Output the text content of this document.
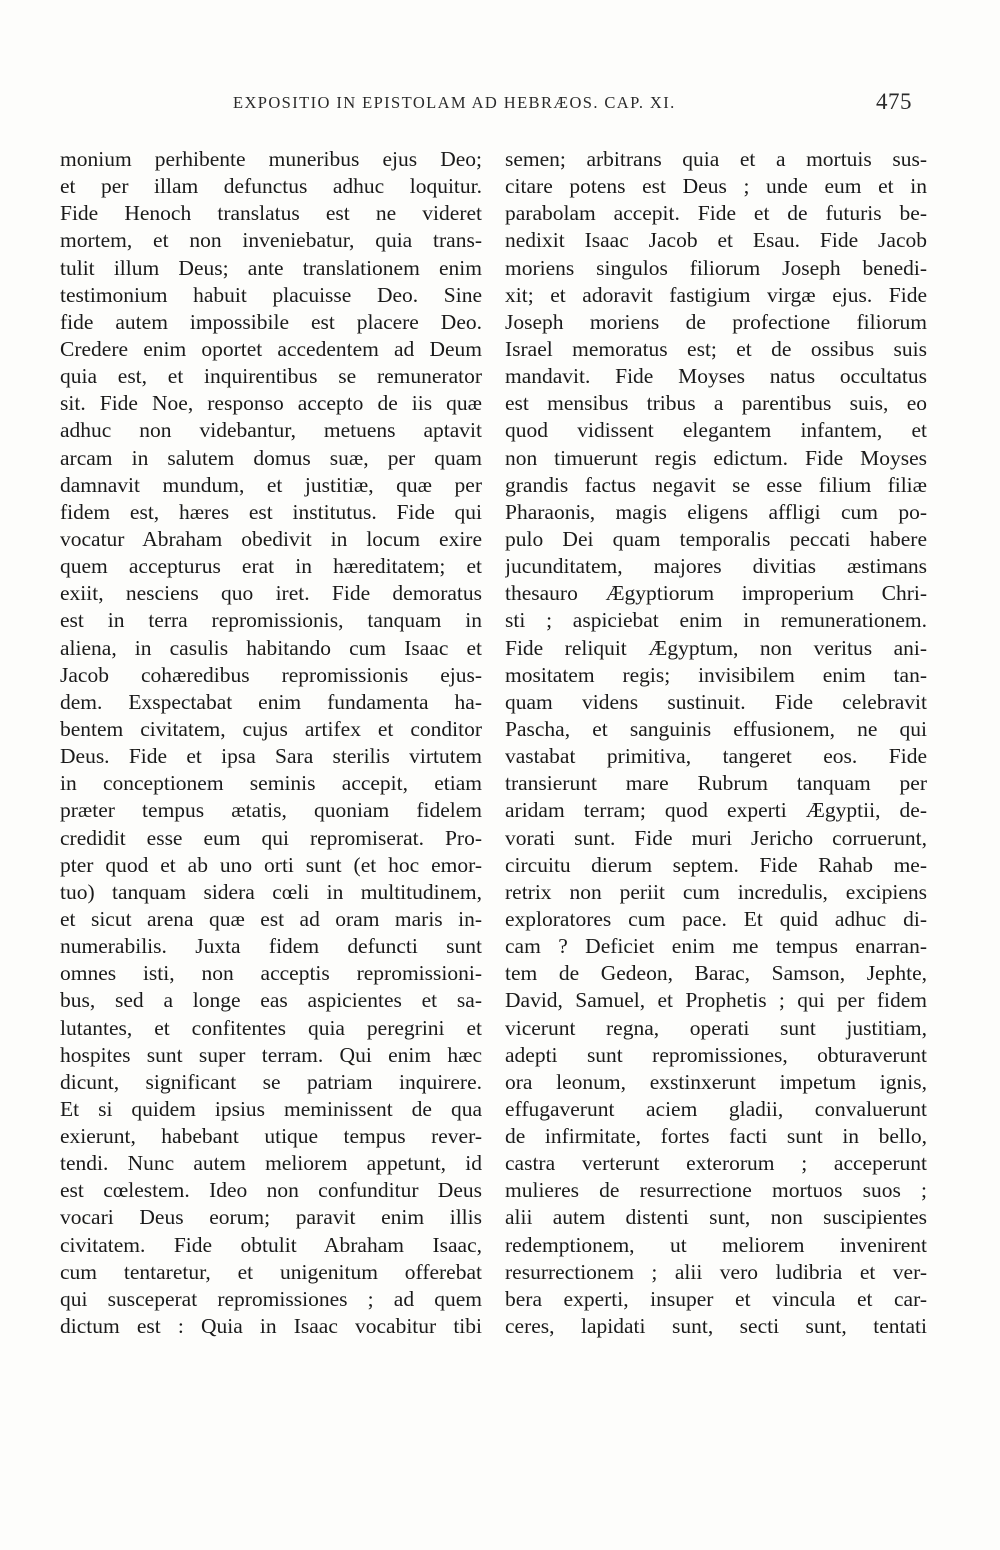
EXPOSITIO IN EPISTOLAM AD HEBRÆOS. CAP. XI.	475
monium perhibente muneribus ejus Deo;
et per illam defunctus adhuc loquitur.
Fide Henoch translatus est ne videret
mortem, et non inveniebatur, quia trans-
tulit illum Deus; ante translationem enim
testimonium habuit placuisse Deo. Sine
fide autem impossibile est placere Deo.
Credere enim oportet accedentem ad Deum
quia est, et inquirentibus se remunerator
sit. Fide Noe, responso accepto de iis quæ
adhuc non videbantur, metuens aptavit
arcam in salutem domus suæ, per quam
damnavit mundum, et justitiæ, quæ per
fidem est, hæres est institutus. Fide qui
vocatur Abraham obedivit in locum exire
quem accepturus erat in hæreditatem; et
exiit, nesciens quo iret. Fide demoratus
est in terra repromissionis, tanquam in
aliena, in casulis habitando cum Isaac et
Jacob cohæredibus repromissionis ejus-
dem. Exspectabat enim fundamenta ha-
bentem civitatem, cujus artifex et conditor
Deus. Fide et ipsa Sara sterilis virtutem
in conceptionem seminis accepit, etiam
præter tempus ætatis, quoniam fidelem
credidit esse eum qui repromiserat. Pro-
pter quod et ab uno orti sunt (et hoc emor-
tuo) tanquam sidera cœli in multitudinem,
et sicut arena quæ est ad oram maris in-
numerabilis. Juxta fidem defuncti sunt
omnes isti, non acceptis repromissioni-
bus, sed a longe eas aspicientes et sa-
lutantes, et confitentes quia peregrini et
hospites sunt super terram. Qui enim hæc
dicunt, significant se patriam inquirere.
Et si quidem ipsius meminissent de qua
exierunt, habebant utique tempus rever-
tendi. Nunc autem meliorem appetunt, id
est cœlestem. Ideo non confunditur Deus
vocari Deus eorum; paravit enim illis
civitatem. Fide obtulit Abraham Isaac,
cum tentaretur, et unigenitum offerebat
qui susceperat repromissiones ; ad quem
dictum est : Quia in Isaac vocabitur tibi
semen; arbitrans quia et a mortuis sus-
citare potens est Deus ; unde eum et in
parabolam accepit. Fide et de futuris be-
nedixit Isaac Jacob et Esau. Fide Jacob
moriens singulos filiorum Joseph benedi-
xit; et adoravit fastigium virgæ ejus. Fide
Joseph moriens de profectione filiorum
Israel memoratus est; et de ossibus suis
mandavit. Fide Moyses natus occultatus
est mensibus tribus a parentibus suis, eo
quod vidissent elegantem infantem, et
non timuerunt regis edictum. Fide Moyses
grandis factus negavit se esse filium filiæ
Pharaonis, magis eligens affligi cum po-
pulo Dei quam temporalis peccati habere
jucunditatem, majores divitias æstimans
thesauro Ægyptiorum improperium Chri-
sti ; aspiciebat enim in remunerationem.
Fide reliquit Ægyptum, non veritus ani-
mositatem regis; invisibilem enim tan-
quam videns sustinuit. Fide celebravit
Pascha, et sanguinis effusionem, ne qui
vastabat primitiva, tangeret eos. Fide
transierunt mare Rubrum tanquam per
aridam terram; quod experti Ægyptii, de-
vorati sunt. Fide muri Jericho corruerunt,
circuitu dierum septem. Fide Rahab me-
retrix non periit cum incredulis, excipiens
exploratores cum pace. Et quid adhuc di-
cam ? Deficiet enim me tempus enarran-
tem de Gedeon, Barac, Samson, Jephte,
David, Samuel, et Prophetis ; qui per fidem
vicerunt regna, operati sunt justitiam,
adepti sunt repromissiones, obturaverunt
ora leonum, exstinxerunt impetum ignis,
effugaverunt aciem gladii, convaluerunt
de infirmitate, fortes facti sunt in bello,
castra verterunt exterorum ; acceperunt
mulieres de resurrectione mortuos suos ;
alii autem distenti sunt, non suscipientes
redemptionem, ut meliorem invenirent
resurrectionem ; alii vero ludibria et ver-
bera experti, insuper et vincula et car-
ceres, lapidati sunt, secti sunt, tentati
